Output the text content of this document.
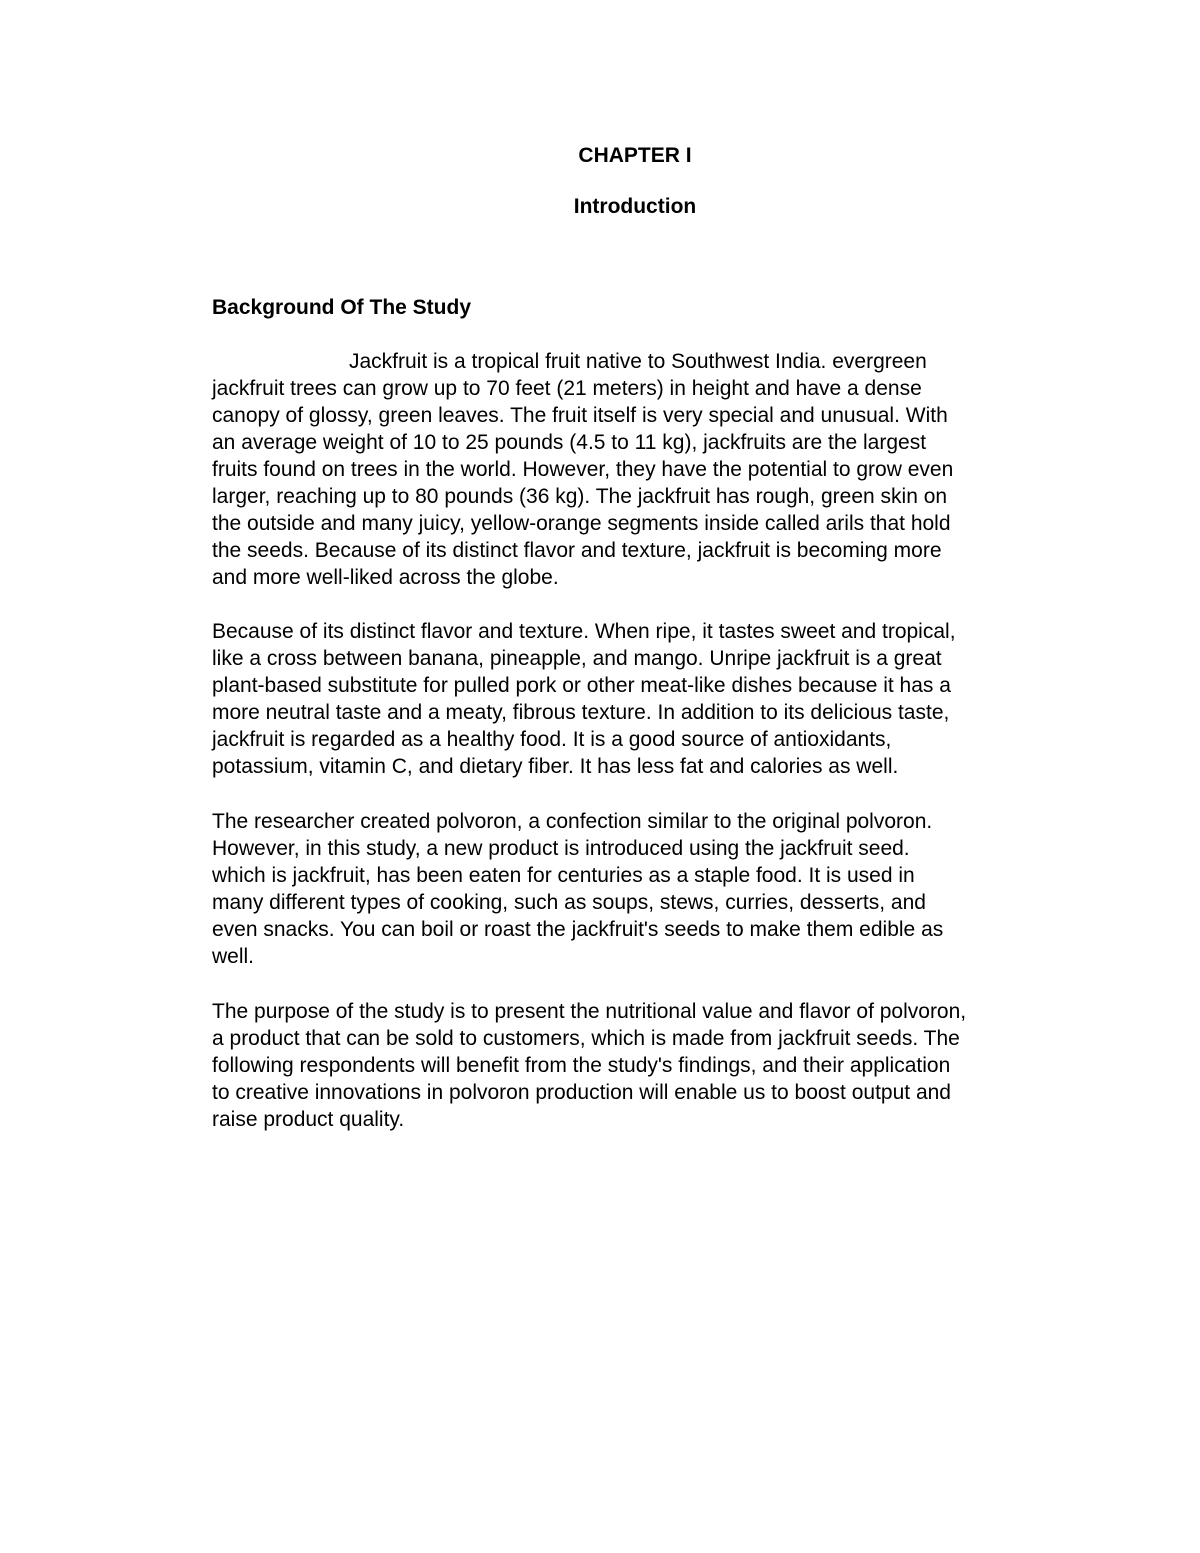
CHAPTER I
Introduction
Background Of The Study
Jackfruit is a tropical fruit native to Southwest India. evergreen
jackfruit trees can grow up to 70 feet (21 meters) in height and have a dense
canopy of glossy, green leaves. The fruit itself is very special and unusual. With
an average weight of 10 to 25 pounds (4.5 to 11 kg), jackfruits are the largest
fruits found on trees in the world. However, they have the potential to grow even
larger, reaching up to 80 pounds (36 kg). The jackfruit has rough, green skin on
the outside and many juicy, yellow-orange segments inside called arils that hold
the seeds. Because of its distinct flavor and texture, jackfruit is becoming more
and more well-liked across the globe.
Because of its distinct flavor and texture. When ripe, it tastes sweet and tropical,
like a cross between banana, pineapple, and mango. Unripe jackfruit is a great
plant-based substitute for pulled pork or other meat-like dishes because it has a
more neutral taste and a meaty, fibrous texture. In addition to its delicious taste,
jackfruit is regarded as a healthy food. It is a good source of antioxidants,
potassium, vitamin C, and dietary fiber. It has less fat and calories as well.
The researcher created polvoron, a confection similar to the original polvoron.
However, in this study, a new product is introduced using the jackfruit seed.
which is jackfruit, has been eaten for centuries as a staple food. It is used in
many different types of cooking, such as soups, stews, curries, desserts, and
even snacks. You can boil or roast the jackfruit's seeds to make them edible as
well.
The purpose of the study is to present the nutritional value and flavor of polvoron,
a product that can be sold to customers, which is made from jackfruit seeds. The
following respondents will benefit from the study's findings, and their application
to creative innovations in polvoron production will enable us to boost output and
raise product quality.
